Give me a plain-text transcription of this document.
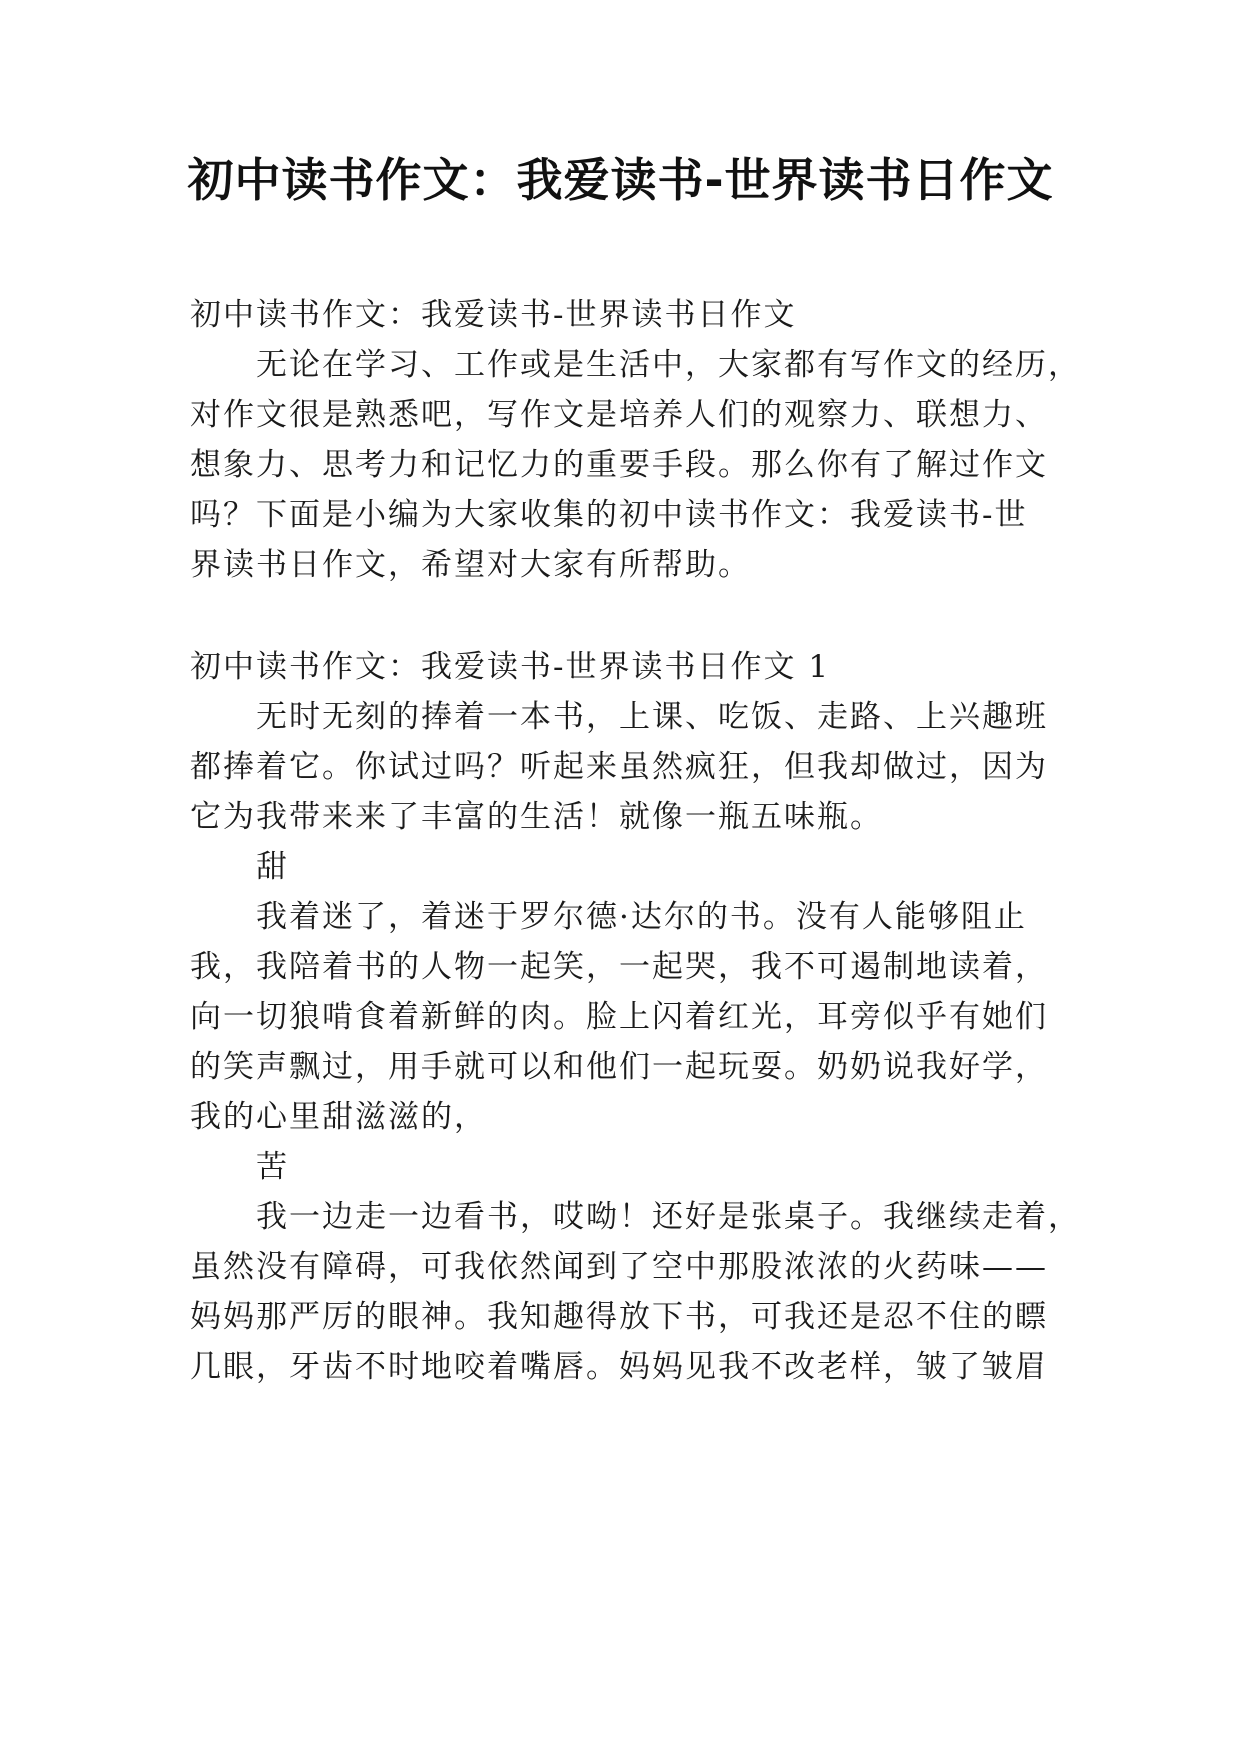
初中读书作文：我爱读书-世界读书日作文
初中读书作文：我爱读书-世界读书日作文
无论在学习、工作或是生活中，大家都有写作文的经历，
对作文很是熟悉吧，写作文是培养人们的观察力、联想力、
想象力、思考力和记忆力的重要手段。那么你有了解过作文
吗？下面是小编为大家收集的初中读书作文：我爱读书-世
界读书日作文，希望对大家有所帮助。
初中读书作文：我爱读书-世界读书日作文 1
无时无刻的捧着一本书，上课、吃饭、走路、上兴趣班
都捧着它。你试过吗？听起来虽然疯狂，但我却做过，因为
它为我带来来了丰富的生活！就像一瓶五味瓶。
甜
我着迷了，着迷于罗尔德·达尔的书。没有人能够阻止
我，我陪着书的人物一起笑，一起哭，我不可遏制地读着，
向一切狼啃食着新鲜的肉。脸上闪着红光，耳旁似乎有她们
的笑声飘过，用手就可以和他们一起玩耍。奶奶说我好学，
我的心里甜滋滋的，
苦
我一边走一边看书，哎呦！还好是张桌子。我继续走着，
虽然没有障碍，可我依然闻到了空中那股浓浓的火药味——
妈妈那严厉的眼神。我知趣得放下书，可我还是忍不住的瞟
几眼，牙齿不时地咬着嘴唇。妈妈见我不改老样，皱了皱眉
